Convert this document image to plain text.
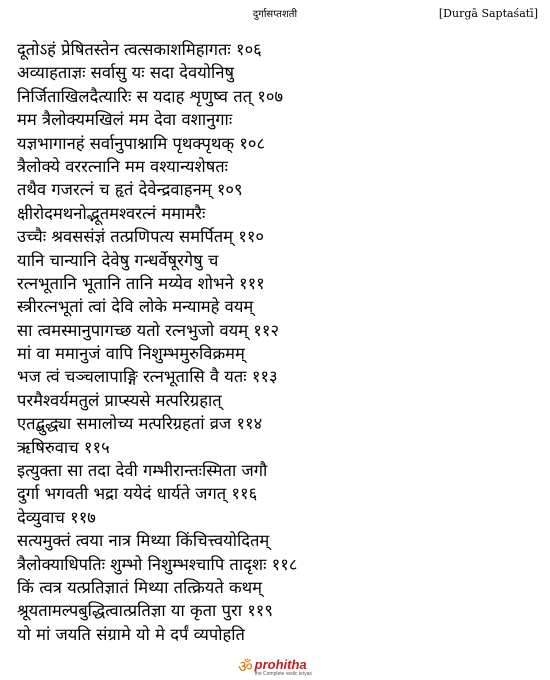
दुर्गासप्तशती	[Durgā Saptaśatī]
दूतोऽहं प्रेषितस्तेन त्वत्सकाशमिहागतः १०६
अव्याहताज्ञः सर्वासु यः सदा देवयोनिषु
निर्जिताखिलदैत्यारिः स यदाह शृणुष्व तत् १०७
मम त्रैलोक्यमखिलं मम देवा वशानुगाः
यज्ञभागानहं सर्वानुपाश्नामि पृथक्पृथक् १०८
त्रैलोक्ये वररत्नानि मम वश्यान्यशेषतः
तथैव गजरत्नं च हृतं देवेन्द्रवाहनम् १०९
क्षीरोदमथनोद्भूतमश्वरत्नं ममामरैः
उच्चैः श्रवससंज्ञं तत्प्रणिपत्य समर्पितम् ११०
यानि चान्यानि देवेषु गन्धर्वेषूरगेषु च
रत्नभूतानि भूतानि तानि मय्येव शोभने १११
स्त्रीरत्नभूतां त्वां देवि लोके मन्यामहे वयम्
सा त्वमस्मानुपागच्छ यतो रत्नभुजो वयम् ११२
मां वा ममानुजं वापि निशुम्भमुरुविक्रमम्
भज त्वं चञ्चलापाङ्गि रत्नभूतासि वै यतः ११३
परमैश्वर्यमतुलं प्राप्स्यसे मत्परिग्रहात्
एतद्बुद्ध्या समालोच्य मत्परिग्रहतां व्रज ११४
ऋषिरुवाच ११५
इत्युक्ता सा तदा देवी गम्भीरान्तःस्मिता जगौ
दुर्गा भगवती भद्रा ययेदं धार्यते जगत् ११६
देव्युवाच ११७
सत्यमुक्तं त्वया नात्र मिथ्या किंचित्त्वयोदितम्
त्रैलोक्याधिपतिः शुम्भो निशुम्भश्चापि तादृशः ११८
किं त्वत्र यत्प्रतिज्ञातं मिथ्या तत्क्रियते कथम्
श्रूयतामल्पबुद्धित्वात्प्रतिज्ञा या कृता पुरा ११९
यो मां जयति संग्रामे यो मे दर्पं व्यपोहति
ॐ prohitha
the Complete vedic kriyas
